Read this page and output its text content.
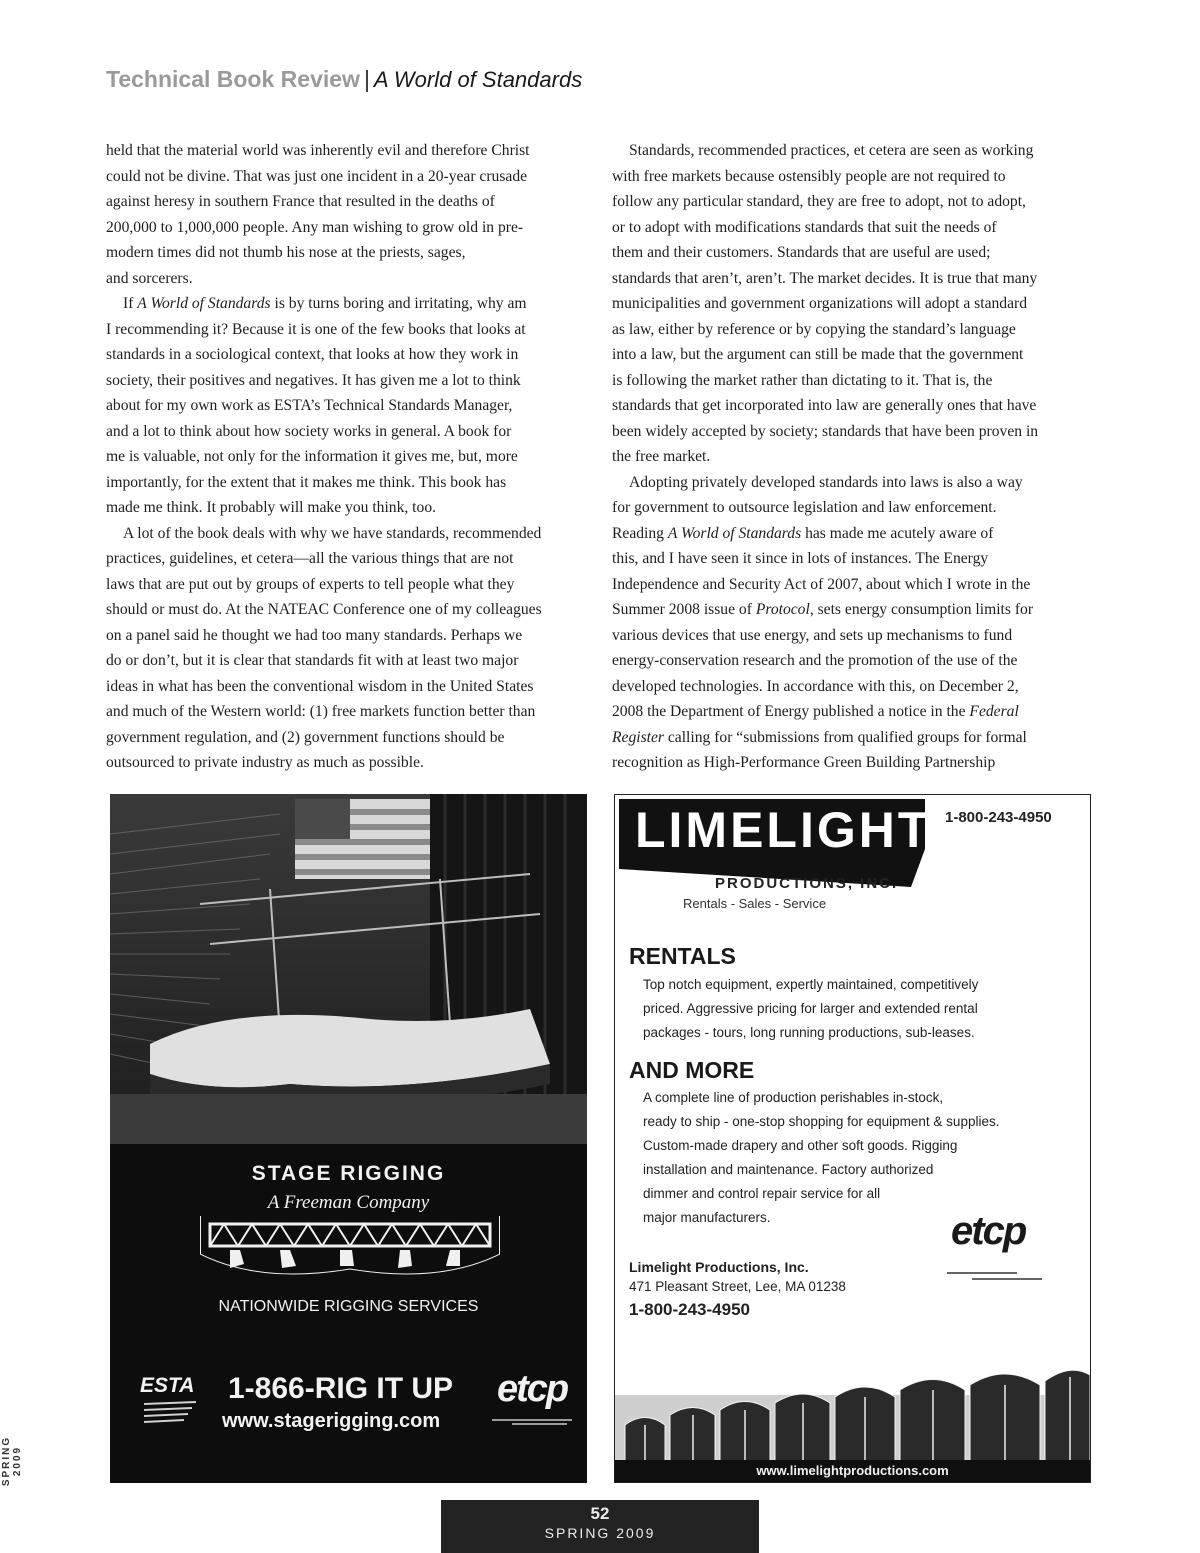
Technical Book Review | A World of Standards

held that the material world was inherently evil and therefore Christ
could not be divine. That was just one incident in a 20-year crusade
against heresy in southern France that resulted in the deaths of
200,000 to 1,000,000 people. Any man wishing to grow old in pre-
modern times did not thumb his nose at the priests, sages,
and sorcerers.

If A World of Standards is by turns boring and irritating, why am
I recommending it? Because it is one of the few books that looks at
standards in a sociological context, that looks at how they work in
society, their positives and negatives. It has given me a lot to think
about for my own work as ESTA’s Technical Standards Manager,
and a lot to think about how society works in general. A book for
me is valuable, not only for the information it gives me, but, more
importantly, for the extent that it makes me think. This book has
made me think. It probably will make you think, too.

A lot of the book deals with why we have standards, recommended
practices, guidelines, et cetera—all the various things that are not
laws that are put out by groups of experts to tell people what they
should or must do. At the NATEAC Conference one of my colleagues
on a panel said he thought we had too many standards. Perhaps we
do or don’t, but it is clear that standards fit with at least two major
ideas in what has been the conventional wisdom in the United States
and much of the Western world: (1) free markets function better than
government regulation, and (2) government functions should be
outsourced to private industry as much as possible.

Standards, recommended practices, et cetera are seen as working
with free markets because ostensibly people are not required to
follow any particular standard, they are free to adopt, not to adopt,
or to adopt with modifications standards that suit the needs of
them and their customers. Standards that are useful are used;
standards that aren’t, aren’t. The market decides. It is true that many
municipalities and government organizations will adopt a standard
as law, either by reference or by copying the standard’s language
into a law, but the argument can still be made that the government
is following the market rather than dictating to it. That is, the
standards that get incorporated into law are generally ones that have
been widely accepted by society; standards that have been proven in
the free market.

Adopting privately developed standards into laws is also a way
for government to outsource legislation and law enforcement.
Reading A World of Standards has made me acutely aware of
this, and I have seen it since in lots of instances. The Energy
Independence and Security Act of 2007, about which I wrote in the
Summer 2008 issue of Protocol, sets energy consumption limits for
various devices that use energy, and sets up mechanisms to fund
energy-conservation research and the promotion of the use of the
developed technologies. In accordance with this, on December 2,
2008 the Department of Energy published a notice in the Federal
Register calling for “submissions from qualified groups for formal
recognition as High-Performance Green Building Partnership

STAGE RIGGING
A Freeman Company
NATIONWIDE RIGGING SERVICES
ESTA 1-866-RIG IT UP
www.stagerigging.com
etcp
LIMELIGHT 1-800-243-4950
PRODUCTIONS, INC.
Rentals - Sales - Service
RENTALS
Top notch equipment, expertly maintained, competitively
priced. Aggressive pricing for larger and extended rental
packages - tours, long running productions, sub-leases.
AND MORE
A complete line of production perishables in-stock,
ready to ship - one-stop shopping for equipment & supplies.
Custom-made drapery and other soft goods. Rigging
installation and maintenance. Factory authorized
dimmer and control repair service for all
major manufacturers.	etcp
Limelight Productions, Inc.
471 Pleasant Street, Lee, MA 01238
1-800-243-4950
www.limelightproductions.com
SPRING 2009
52
SPRING 2009
